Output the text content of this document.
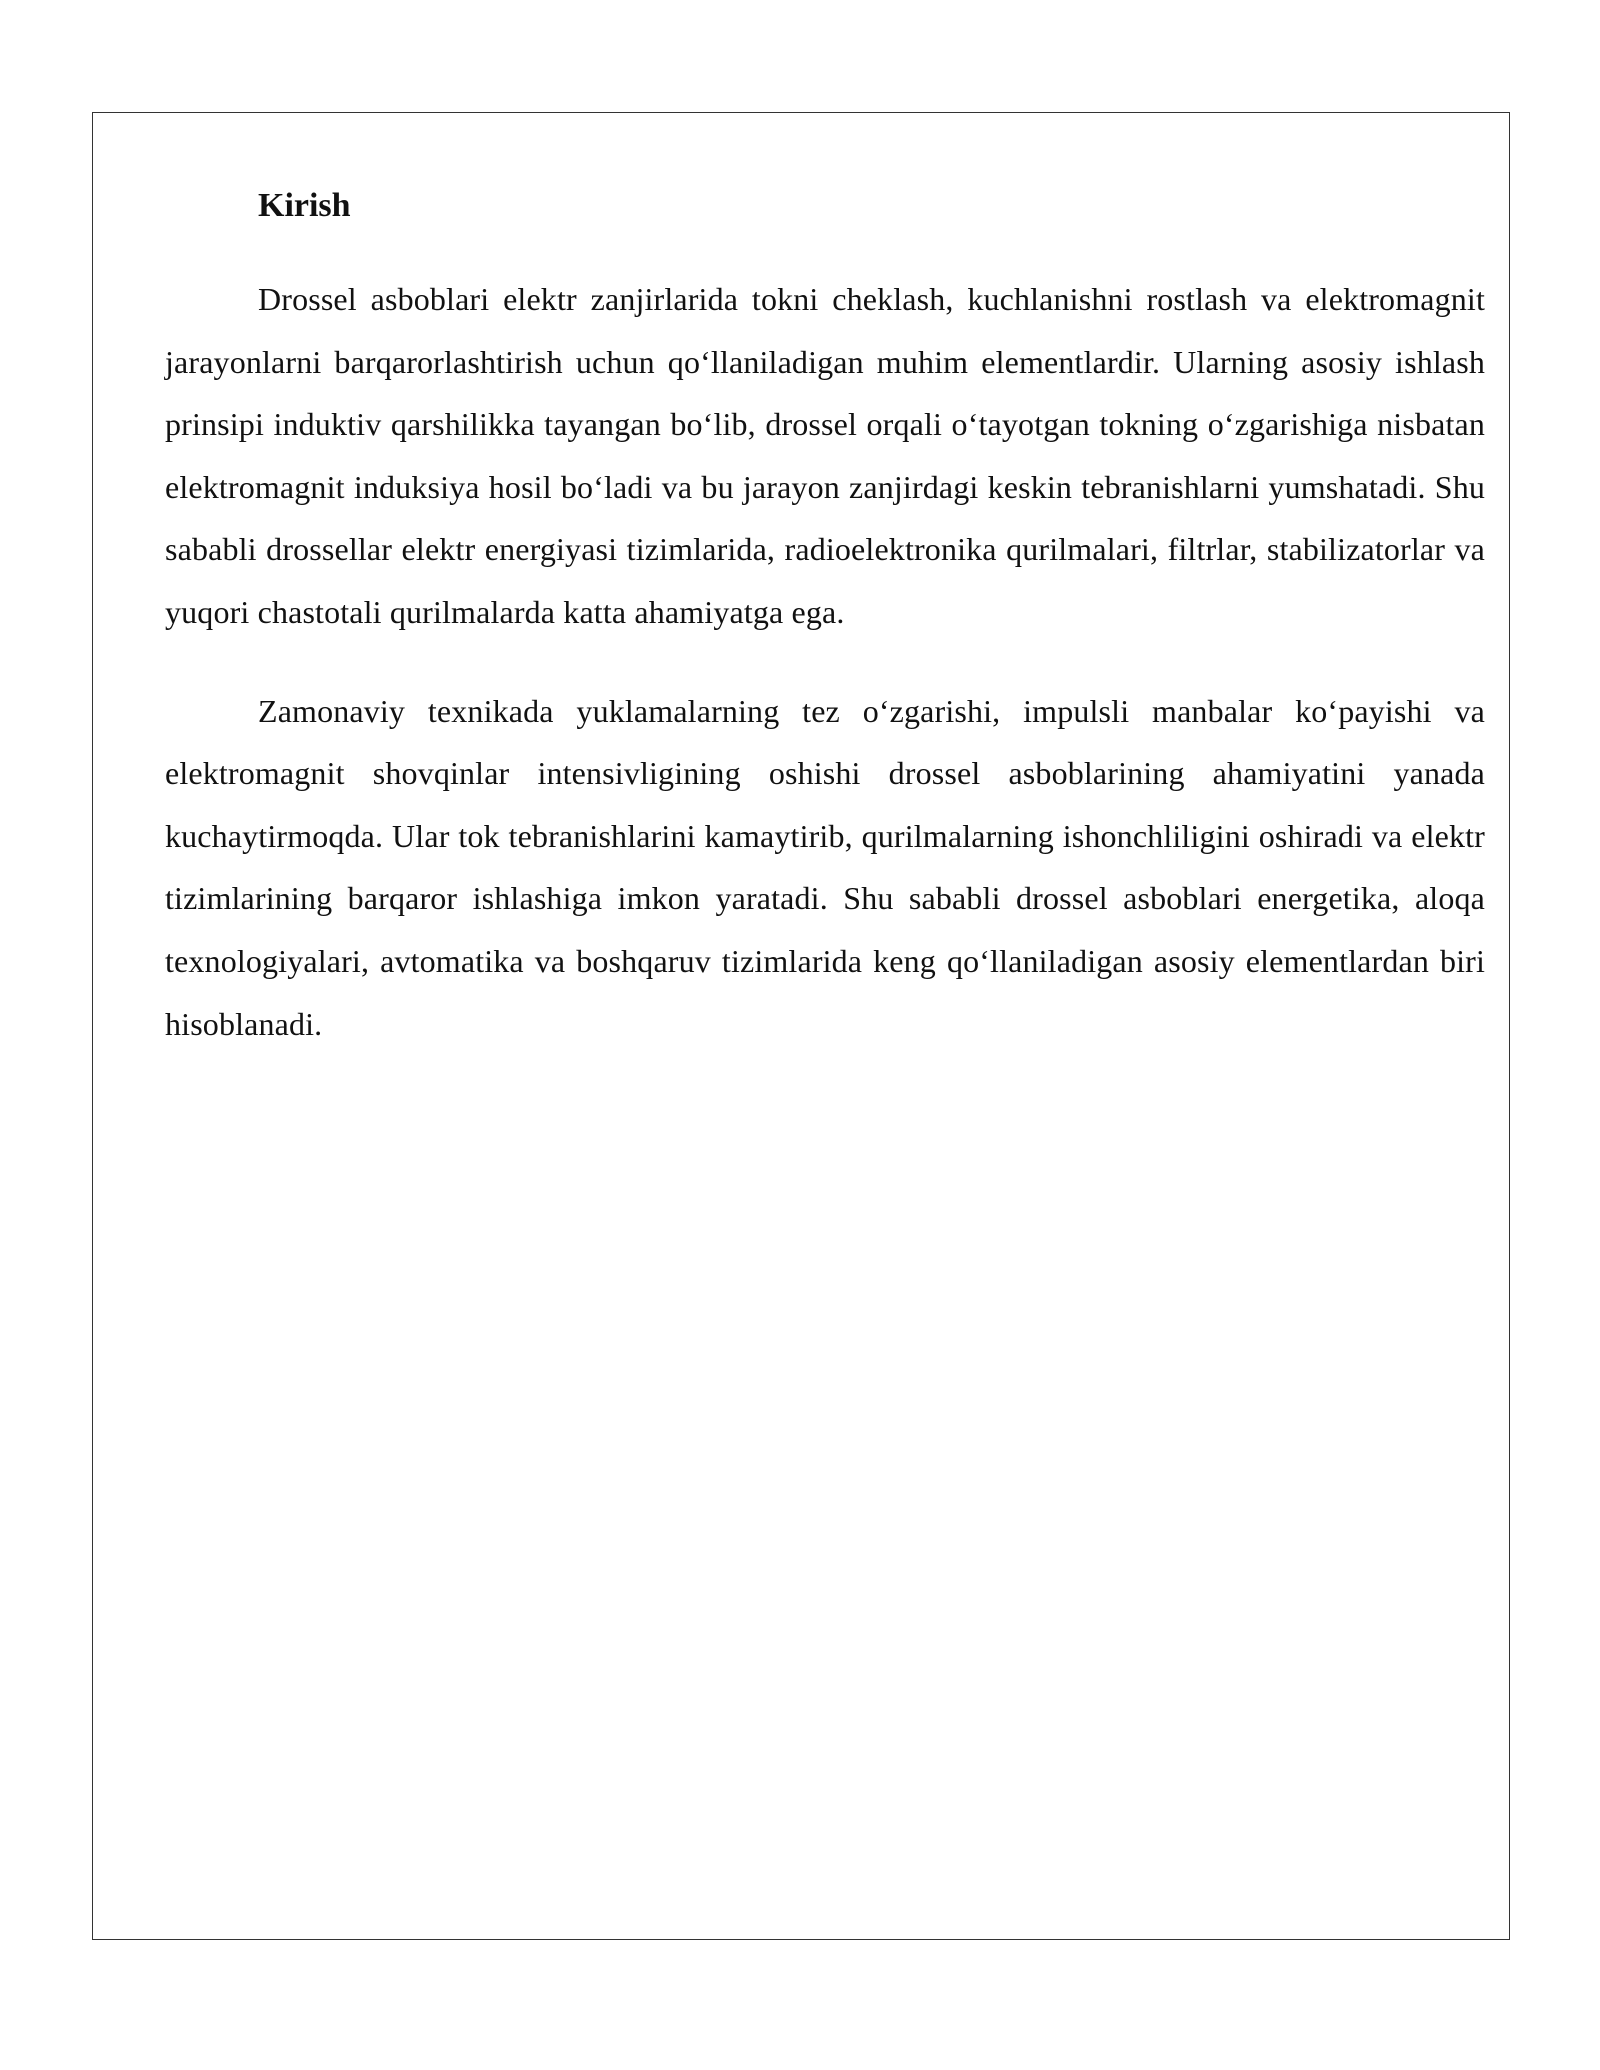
Kirish

Drossel asboblari elektr zanjirlarida tokni cheklash, kuchlanishni rostlash va elektromagnit jarayonlarni barqarorlashtirish uchun qo‘llaniladigan muhim elementlardir. Ularning asosiy ishlash prinsipi induktiv qarshilikka tayangan bo‘lib, drossel orqali o‘tayotgan tokning o‘zgarishiga nisbatan elektromagnit induksiya hosil bo‘ladi va bu jarayon zanjirdagi keskin tebranishlarni yumshatadi. Shu sababli drossellar elektr energiyasi tizimlarida, radioelektronika qurilmalari, filtrlar, stabilizatorlar va yuqori chastotali qurilmalarda katta ahamiyatga ega.

Zamonaviy texnikada yuklamalarning tez o‘zgarishi, impulsli manbalar ko‘payishi va elektromagnit shovqinlar intensivligining oshishi drossel asboblarining ahamiyatini yanada kuchaytirmoqda. Ular tok tebranishlarini kamaytirib, qurilmalarning ishonchliligini oshiradi va elektr tizimlarining barqaror ishlashiga imkon yaratadi. Shu sababli drossel asboblari energetika, aloqa texnologiyalari, avtomatika va boshqaruv tizimlarida keng qo‘llaniladigan asosiy elementlardan biri hisoblanadi.
